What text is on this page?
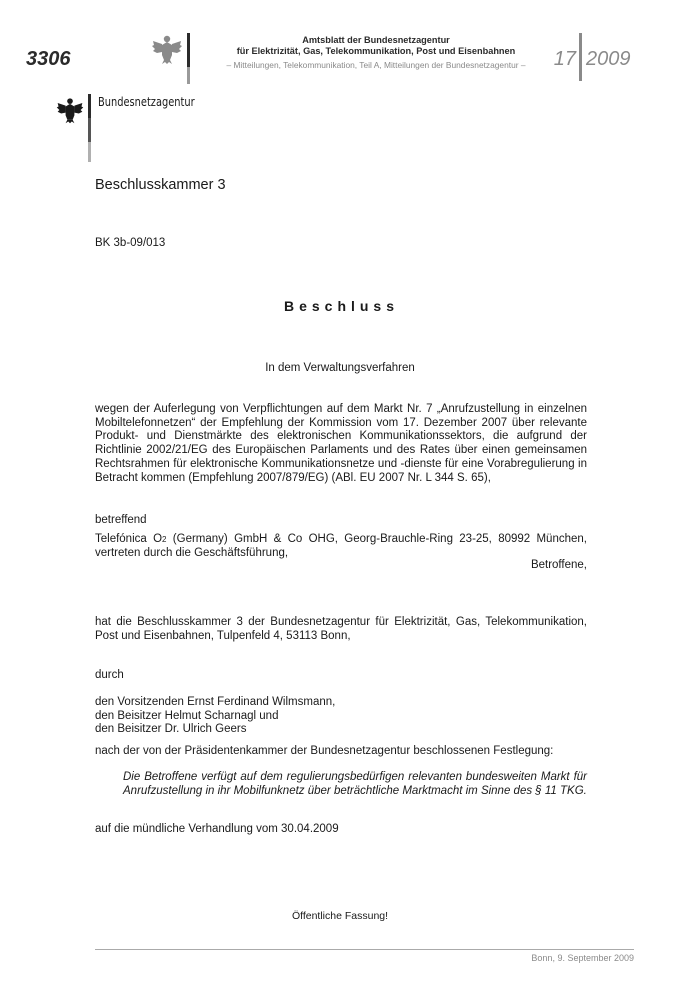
3306
Amtsblatt der Bundesnetzagentur
für Elektrizität, Gas, Telekommunikation, Post und Eisenbahnen
– Mitteilungen, Telekommunikation, Teil A, Mitteilungen der Bundesnetzagentur –	17 2009
Bundesnetzagentur
Beschlusskammer 3
BK 3b-09/013
Beschluss
In dem Verwaltungsverfahren
wegen der Auferlegung von Verpflichtungen auf dem Markt Nr. 7 „Anrufzustellung in einzelnen Mobiltelefonnetzen“ der Empfehlung der Kommission vom 17. Dezember 2007 über relevante Produkt- und Dienstmärkte des elektronischen Kommunikationssektors, die aufgrund der Richtlinie 2002/21/EG des Europäischen Parlaments und des Rates über einen gemeinsamen Rechtsrahmen für elektronische Kommunikationsnetze und -dienste für eine Vorabregulierung in Betracht kommen (Empfehlung 2007/879/EG) (ABl. EU 2007 Nr. L 344 S. 65),
betreffend
Telefónica O2 (Germany) GmbH & Co OHG, Georg-Brauchle-Ring 23-25, 80992 München, vertreten durch die Geschäftsführung,
Betroffene,
hat die Beschlusskammer 3 der Bundesnetzagentur für Elektrizität, Gas, Telekommunikation, Post und Eisenbahnen, Tulpenfeld 4, 53113 Bonn,
durch
den Vorsitzenden Ernst Ferdinand Wilmsmann,
den Beisitzer Helmut Scharnagl und
den Beisitzer Dr. Ulrich Geers
nach der von der Präsidentenkammer der Bundesnetzagentur beschlossenen Festlegung:
Die Betroffene verfügt auf dem regulierungsbedürfigen relevanten bundesweiten Markt für Anrufzustellung in ihr Mobilfunknetz über beträchtliche Marktmacht im Sinne des § 11 TKG.
auf die mündliche Verhandlung vom 30.04.2009
Öffentliche Fassung!
Bonn, 9. September 2009
